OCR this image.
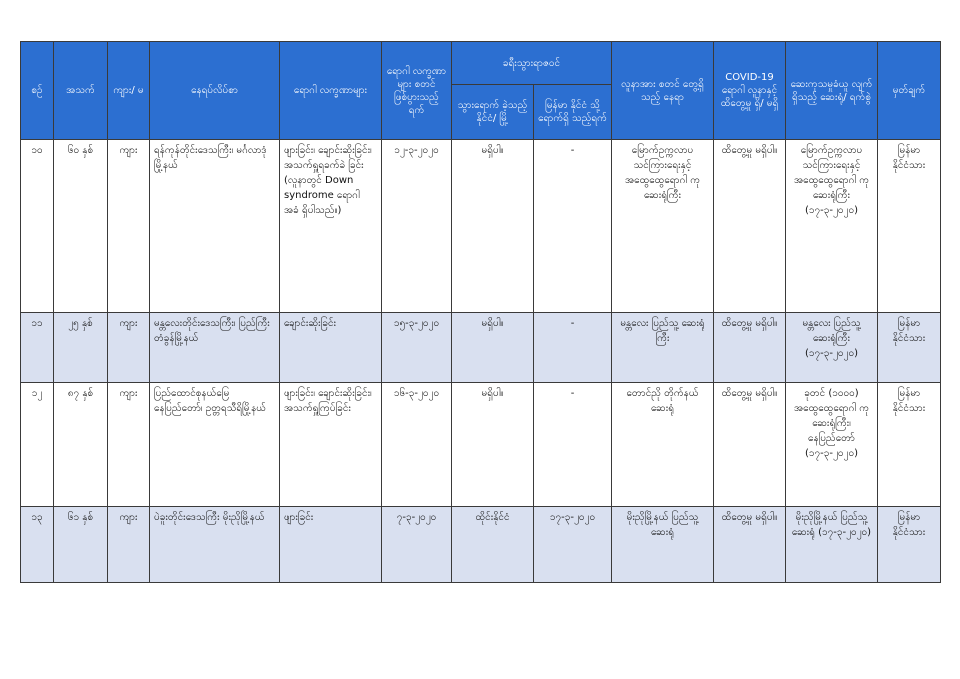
စဉ်	အသက်	ကျား/ မ	နေရပ်လိပ်စာ	ရောဂါ လက္ခဏာများ	ရောဂါ လက္ခဏာများ စတင် ဖြစ်ပွားသည့် ရက်	ခရီးသွားရာဇဝင်		လူနာအား စတင် တွေ့ရှိသည့် နေရာ	COVID-19 ရောဂါ လူနာနှင့် ထိတွေ့မှု ရှိ/ မရှိ	ဆေးကုသမှုခံယူ လျက်ရှိသည့် ဆေးရုံ/ ရက်စွဲ	မှတ်ချက်
						သွားရောက် ခဲ့သည့် နိုင်ငံ/ မြို့	မြန်မာ နိုင်ငံ သို့ ရောက်ရှိ သည့်ရက်				
၁၀	၆၀ နှစ်	ကျား	ရန်ကုန်တိုင်းဒေသကြီး၊ မင်္ဂလာဒုံမြို့နယ်	ဖျားခြင်း၊ ချောင်းဆိုးခြင်း၊ အသက်ရှူရခက်ခဲ ခြင်း (လူနာတွင် Down syndrome ရောဂါ အခံ ရှိပါသည်။)	၁၂-၃-၂၀၂၀	မရှိပါ။	-	မြောက်ဥက္ကလာပ သင်ကြားရေးနှင့် အထွေထွေရောဂါ ကုဆေးရုံကြီး	ထိတွေ့မှု မရှိပါ။	မြောက်ဥက္ကလာပ သင်ကြားရေးနှင့် အထွေထွေရောဂါ ကုဆေးရုံကြီး (၁၇-၃-၂၀၂၀)	မြန်မာ နိုင်ငံသား
၁၁	၂၅ နှစ်	ကျား	မန္တလေးတိုင်းဒေသကြီး၊ ပြည်ကြီးတံခွန်မြို့နယ်	ချောင်းဆိုးခြင်း	၁၅-၃-၂၀၂၀	မရှိပါ။	-	မန္တလေး ပြည်သူ့ ဆေးရုံကြီး	ထိတွေ့မှု မရှိပါ။	မန္တလေး ပြည်သူ့ ဆေးရုံကြီး (၁၇-၃-၂၀၂၀)	မြန်မာ နိုင်ငံသား
၁၂	၈၇ နှစ်	ကျား	ပြည်ထောင်စုနယ်မြေ နေပြည်တော်၊ ဥတ္တရသီရိမြို့နယ်	ဖျားခြင်း၊ ချောင်းဆိုးခြင်း၊ အသက်ရှူကြပ်ခြင်း	၁၆-၃-၂၀၂၀	မရှိပါ။	-	တောင်ညို တိုက်နယ်ဆေးရုံ	ထိတွေ့မှု မရှိပါ။	ခုတင် (၁၀၀၀) အထွေထွေရောဂါ ကု ဆေးရုံကြီး၊ နေပြည်တော် (၁၇-၃-၂၀၂၀)	မြန်မာ နိုင်ငံသား
၁၃	၆၁ နှစ်	ကျား	ပဲခူးတိုင်းဒေသကြီး မိုးညိုမြို့နယ်	ဖျားခြင်း	၇-၃-၂၀၂၀	ထိုင်းနိုင်ငံ	၁၇-၃-၂၀၂၀	မိုးညိုမြို့နယ် ပြည်သူ့ဆေးရုံ	ထိတွေ့မှု မရှိပါ။	မိုးညိုမြို့နယ် ပြည်သူ့ဆေးရုံ (၁၇-၃-၂၀၂၀)	မြန်မာ နိုင်ငံသား
